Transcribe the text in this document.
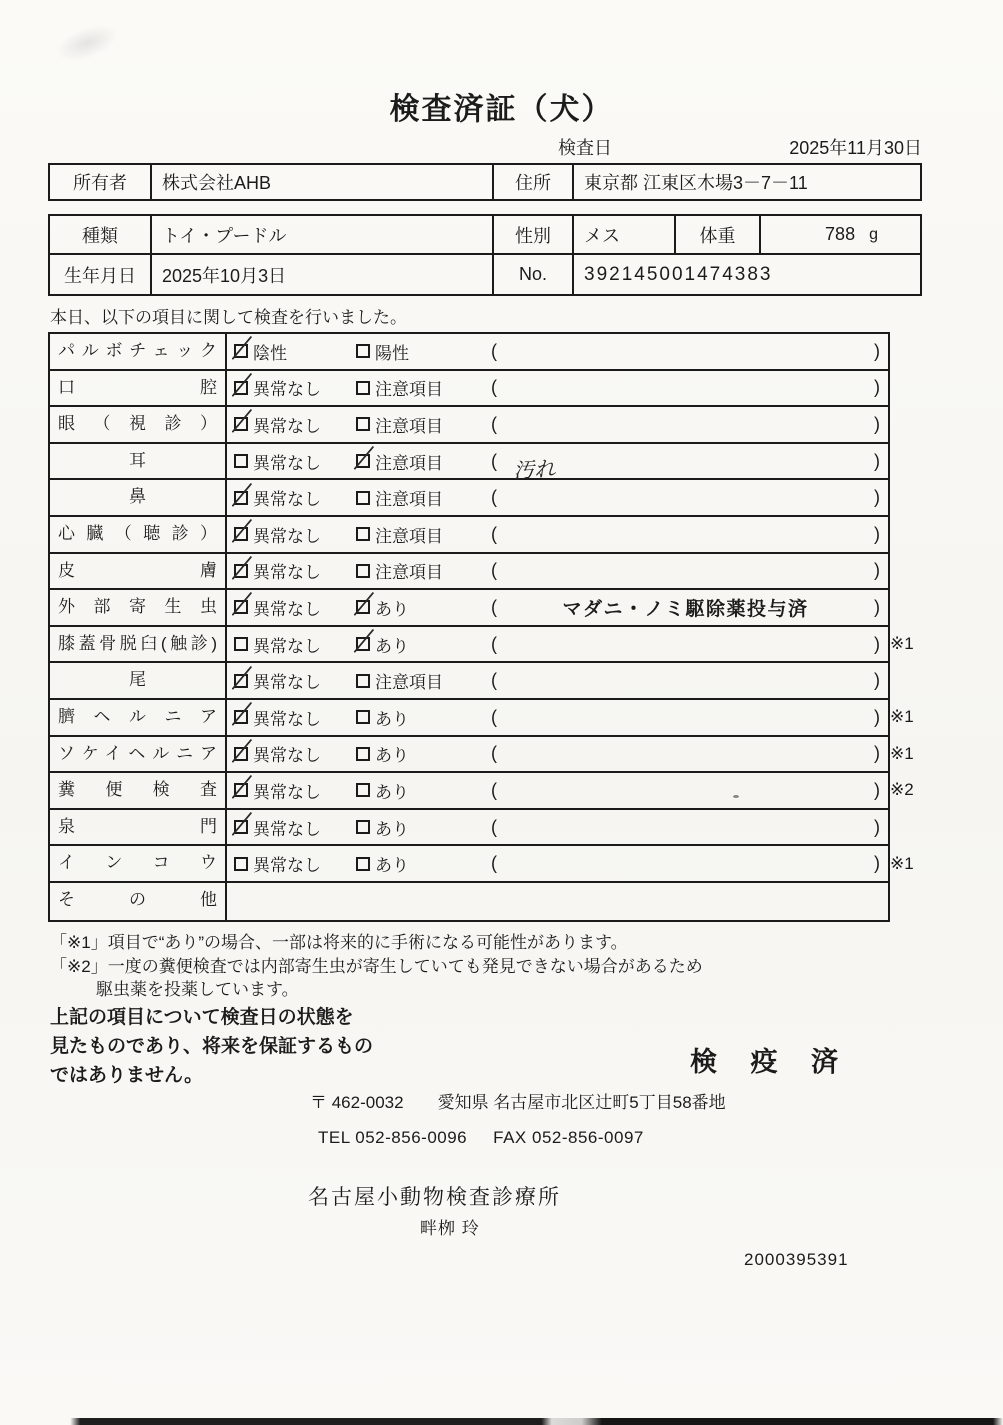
検査済証（犬）
検査日	2025年11月30日
所有者	株式会社AHB	住所	東京都 江東区木場3－7－11
種類	トイ・プードル	性別	メス	体重	788 g
生年月日	2025年10月3日	No.	392145001474383

本日、以下の項目に関して検査を行いました。

パルボチェック	陰性	陽性	(	)
口腔	異常なし	注意項目	(	)
眼（視診）	異常なし	注意項目	(	)
耳	異常なし	注意項目	( 汚れ	)
鼻	異常なし	注意項目	(	)
心臓（聴診）	異常なし	注意項目	(	)
皮膚	異常なし	注意項目	(	)
外部寄生虫	異常なし	あり	(	マダニ・ノミ駆除薬投与済	)
膝蓋骨脱臼(触診)	異常なし	あり	(	) ※1
尾	異常なし	注意項目	(	)
臍ヘルニア	異常なし	あり	(	) ※1
ソケイヘルニア	異常なし	あり	(	) ※1
糞便検査	異常なし	あり	(	) ※2
泉門	異常なし	あり	(	)
インコウ	異常なし	あり	(	) ※1
その他
「※1」項目で“あり”の場合、一部は将来的に手術になる可能性があります。
「※2」一度の糞便検査では内部寄生虫が寄生していても発見できない場合があるため
駆虫薬を投薬しています。
上記の項目について検査日の状態を
見たものであり、将来を保証するもの
ではありません。	検 疫 済
〒 462-0032 愛知県 名古屋市北区辻町5丁目58番地
TEL 052-856-0096 FAX 052-856-0097
名古屋小動物検査診療所
畔栁 玲
2000395391
